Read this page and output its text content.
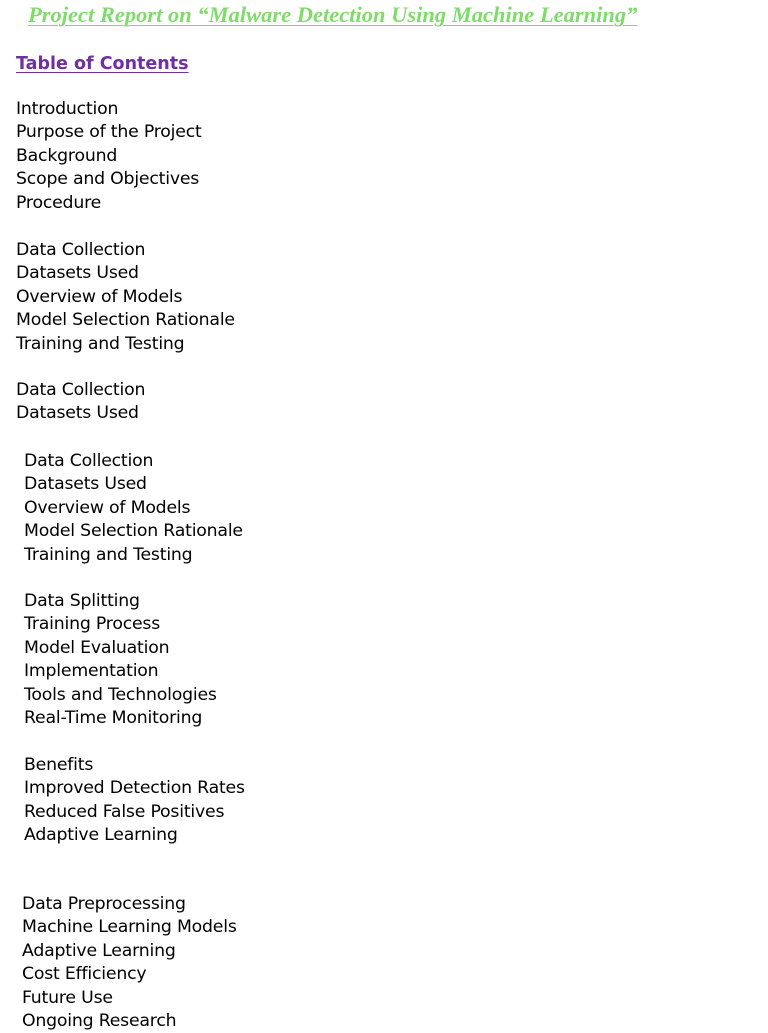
Project Report on “Malware Detection Using Machine Learning”
Table of Contents
Introduction
Purpose of the Project
Background
Scope and Objectives
Procedure
Data Collection
Datasets Used
Overview of Models
Model Selection Rationale
Training and Testing
Data Collection
Datasets Used
Data Collection
Datasets Used
Overview of Models
Model Selection Rationale
Training and Testing
Data Splitting
Training Process
Model Evaluation
Implementation
Tools and Technologies
Real-Time Monitoring
Benefits
Improved Detection Rates
Reduced False Positives
Adaptive Learning
Data Preprocessing
Machine Learning Models
Adaptive Learning
Cost Efficiency
Future Use
Ongoing Research
